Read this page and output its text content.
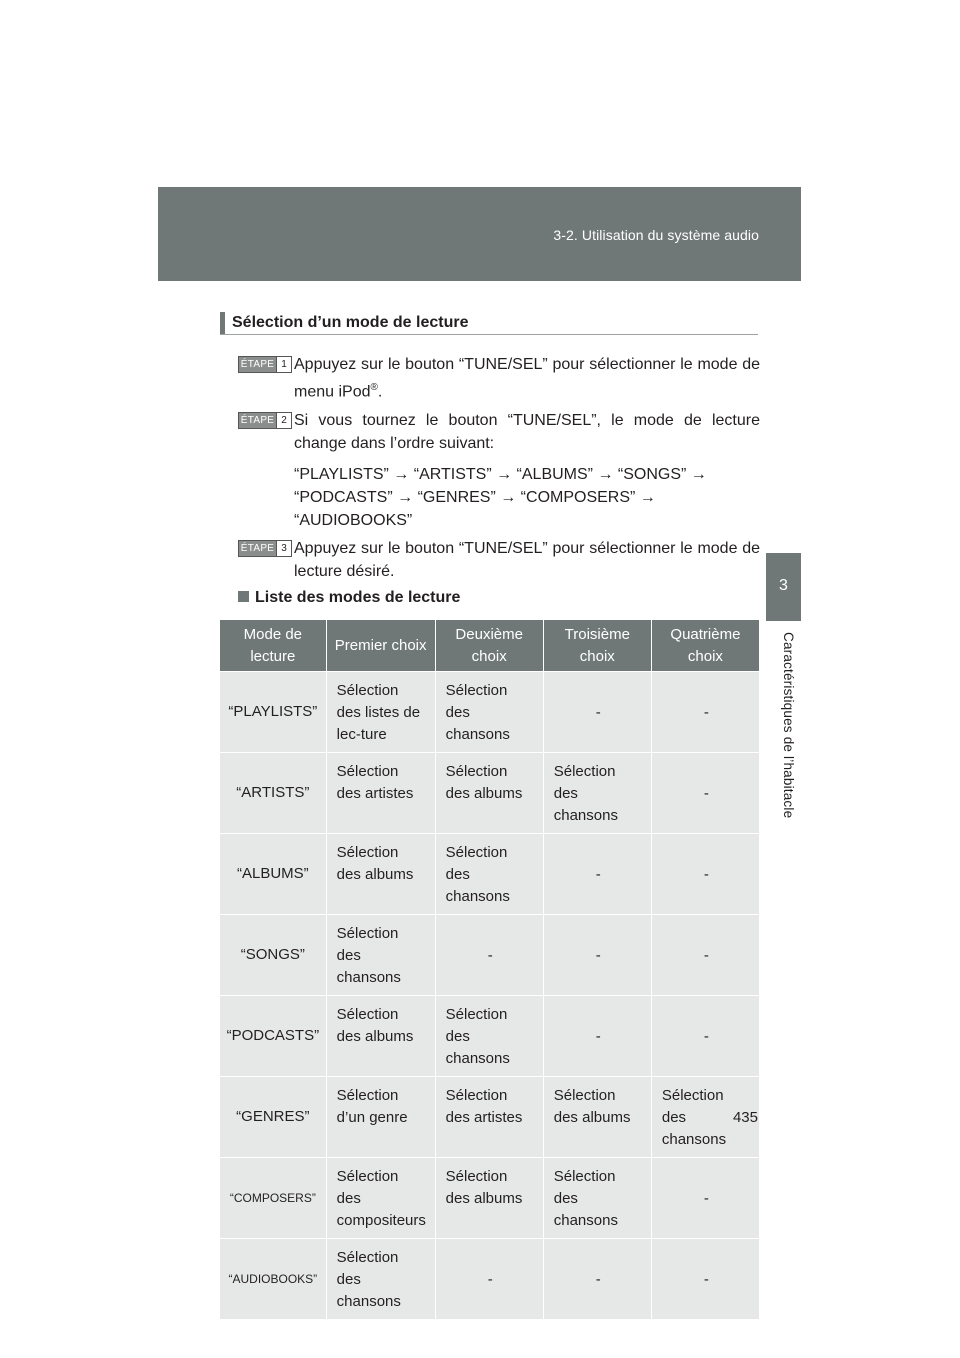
3-2. Utilisation du système audio
3
Caractéristiques de l’habitacle
Sélection d’un mode de lecture
ÉTAPE 1 Appuyez sur le bouton “TUNE/SEL” pour sélectionner le mode de menu iPod®.
ÉTAPE 2 Si vous tournez le bouton “TUNE/SEL”, le mode de lecture change dans l’ordre suivant:
“PLAYLISTS” → “ARTISTS” → “ALBUMS” → “SONGS” → “PODCASTS” → “GENRES” → “COMPOSERS” → “AUDIOBOOKS”
ÉTAPE 3 Appuyez sur le bouton “TUNE/SEL” pour sélectionner le mode de lecture désiré.
Liste des modes de lecture
Mode de lecture	Premier choix	Deuxième choix	Troisième choix	Quatrième choix
“PLAYLISTS”	Sélection des listes de lec-ture	Sélection des chansons	-	-
“ARTISTS”	Sélection des artistes	Sélection des albums	Sélection des chansons	-
“ALBUMS”	Sélection des albums	Sélection des chansons	-	-
“SONGS”	Sélection des chansons	-	-	-
“PODCASTS”	Sélection des albums	Sélection des chansons	-	-
“GENRES”	Sélection d’un genre	Sélection des artistes	Sélection des albums	Sélection des chansons
“COMPOSERS”	Sélection des compositeurs	Sélection des albums	Sélection des chansons	-
“AUDIOBOOKS”	Sélection des chansons	-	-	-
435
